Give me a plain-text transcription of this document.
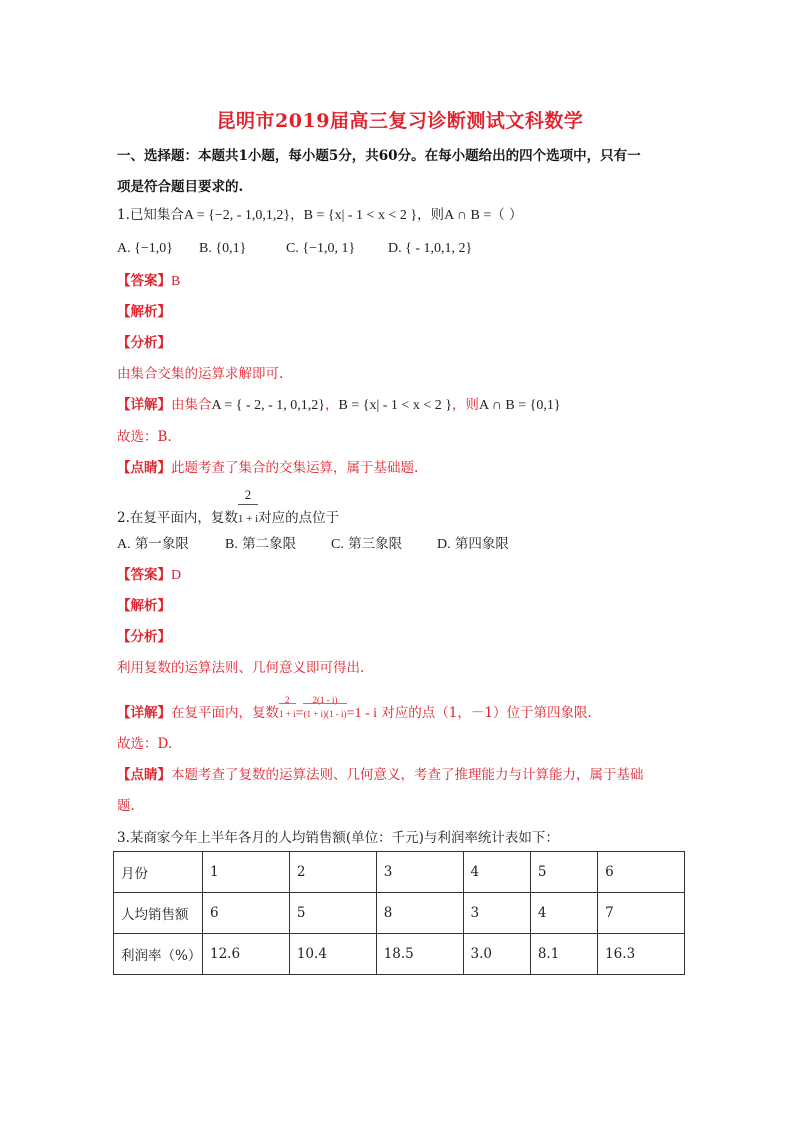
昆明市2019届高三复习诊断测试文科数学
一、选择题：本题共1小题，每小题5分，共60分。在每小题给出的四个选项中，只有一
项是符合题目要求的.
1.已知集合A = {−2, - 1,0,1,2}，B = {x| - 1 < x < 2 }，则A ∩ B =（ ）
A. {−1,0} B. {0,1}	C. {−1,0, 1} D. { - 1,0,1, 2}
【答案】B
【解析】
【分析】
由集合交集的运算求解即可.
【详解】由集合A = { - 2, - 1, 0,1,2}，B = {x| - 1 < x < 2 }，则A ∩ B = {0,1}
故选：B.
【点睛】此题考查了集合的交集运算，属于基础题.
2.在复平面内，复数 $\frac{2}{1 + i}$对应的点位于
A. 第一象限	B. 第二象限 C. 第三象限 D. 第四象限
【答案】D
【解析】
【分析】
利用复数的运算法则、几何意义即可得出.
【详解】在复平面内，复数 $\frac{2}{1 + i}= \frac{2(1 - i)}{(1 + i)(1 - i)}=1 - i$ 对应的点（1，－1）位于第四象限.
故选：D.
【点睛】本题考查了复数的运算法则、几何意义，考查了推理能力与计算能力，属于基础
题.
3.某商家今年上半年各月的人均销售额(单位：千元)与利润率统计表如下：
月份	1	2	3	4	5	6
人均销售额	6	5	8	3	4	7
利润率（%）	12.6	10.4	18.5	3.0	8.1	16.3
